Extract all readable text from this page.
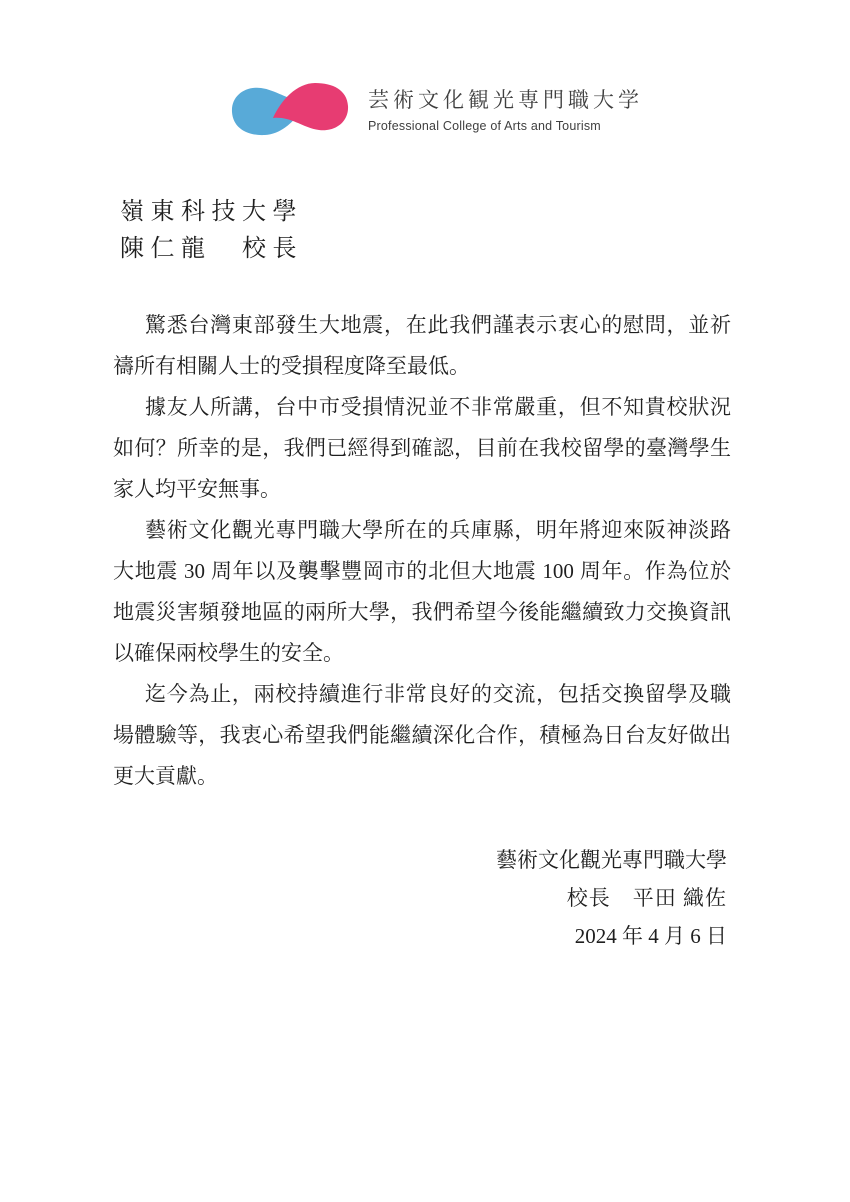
芸術文化観光専門職大学
Professional College of Arts and Tourism
嶺東科技大學
陳仁龍　校長

驚悉台灣東部發生大地震，在此我們謹表示衷心的慰問，並祈禱所有相關人士的受損程度降至最低。

據友人所講，台中市受損情況並不非常嚴重，但不知貴校狀況如何？所幸的是，我們已經得到確認，目前在我校留學的臺灣學生家人均平安無事。

藝術文化觀光專門職大學所在的兵庫縣，明年將迎來阪神淡路大地震 30 周年以及襲擊豐岡市的北但大地震 100 周年。作為位於地震災害頻發地區的兩所大學，我們希望今後能繼續致力交換資訊以確保兩校學生的安全。

迄今為止，兩校持續進行非常良好的交流，包括交換留學及職場體驗等，我衷心希望我們能繼續深化合作，積極為日台友好做出更大貢獻。

藝術文化觀光專門職大學
校長　平田 織佐
2024 年 4 月 6 日
